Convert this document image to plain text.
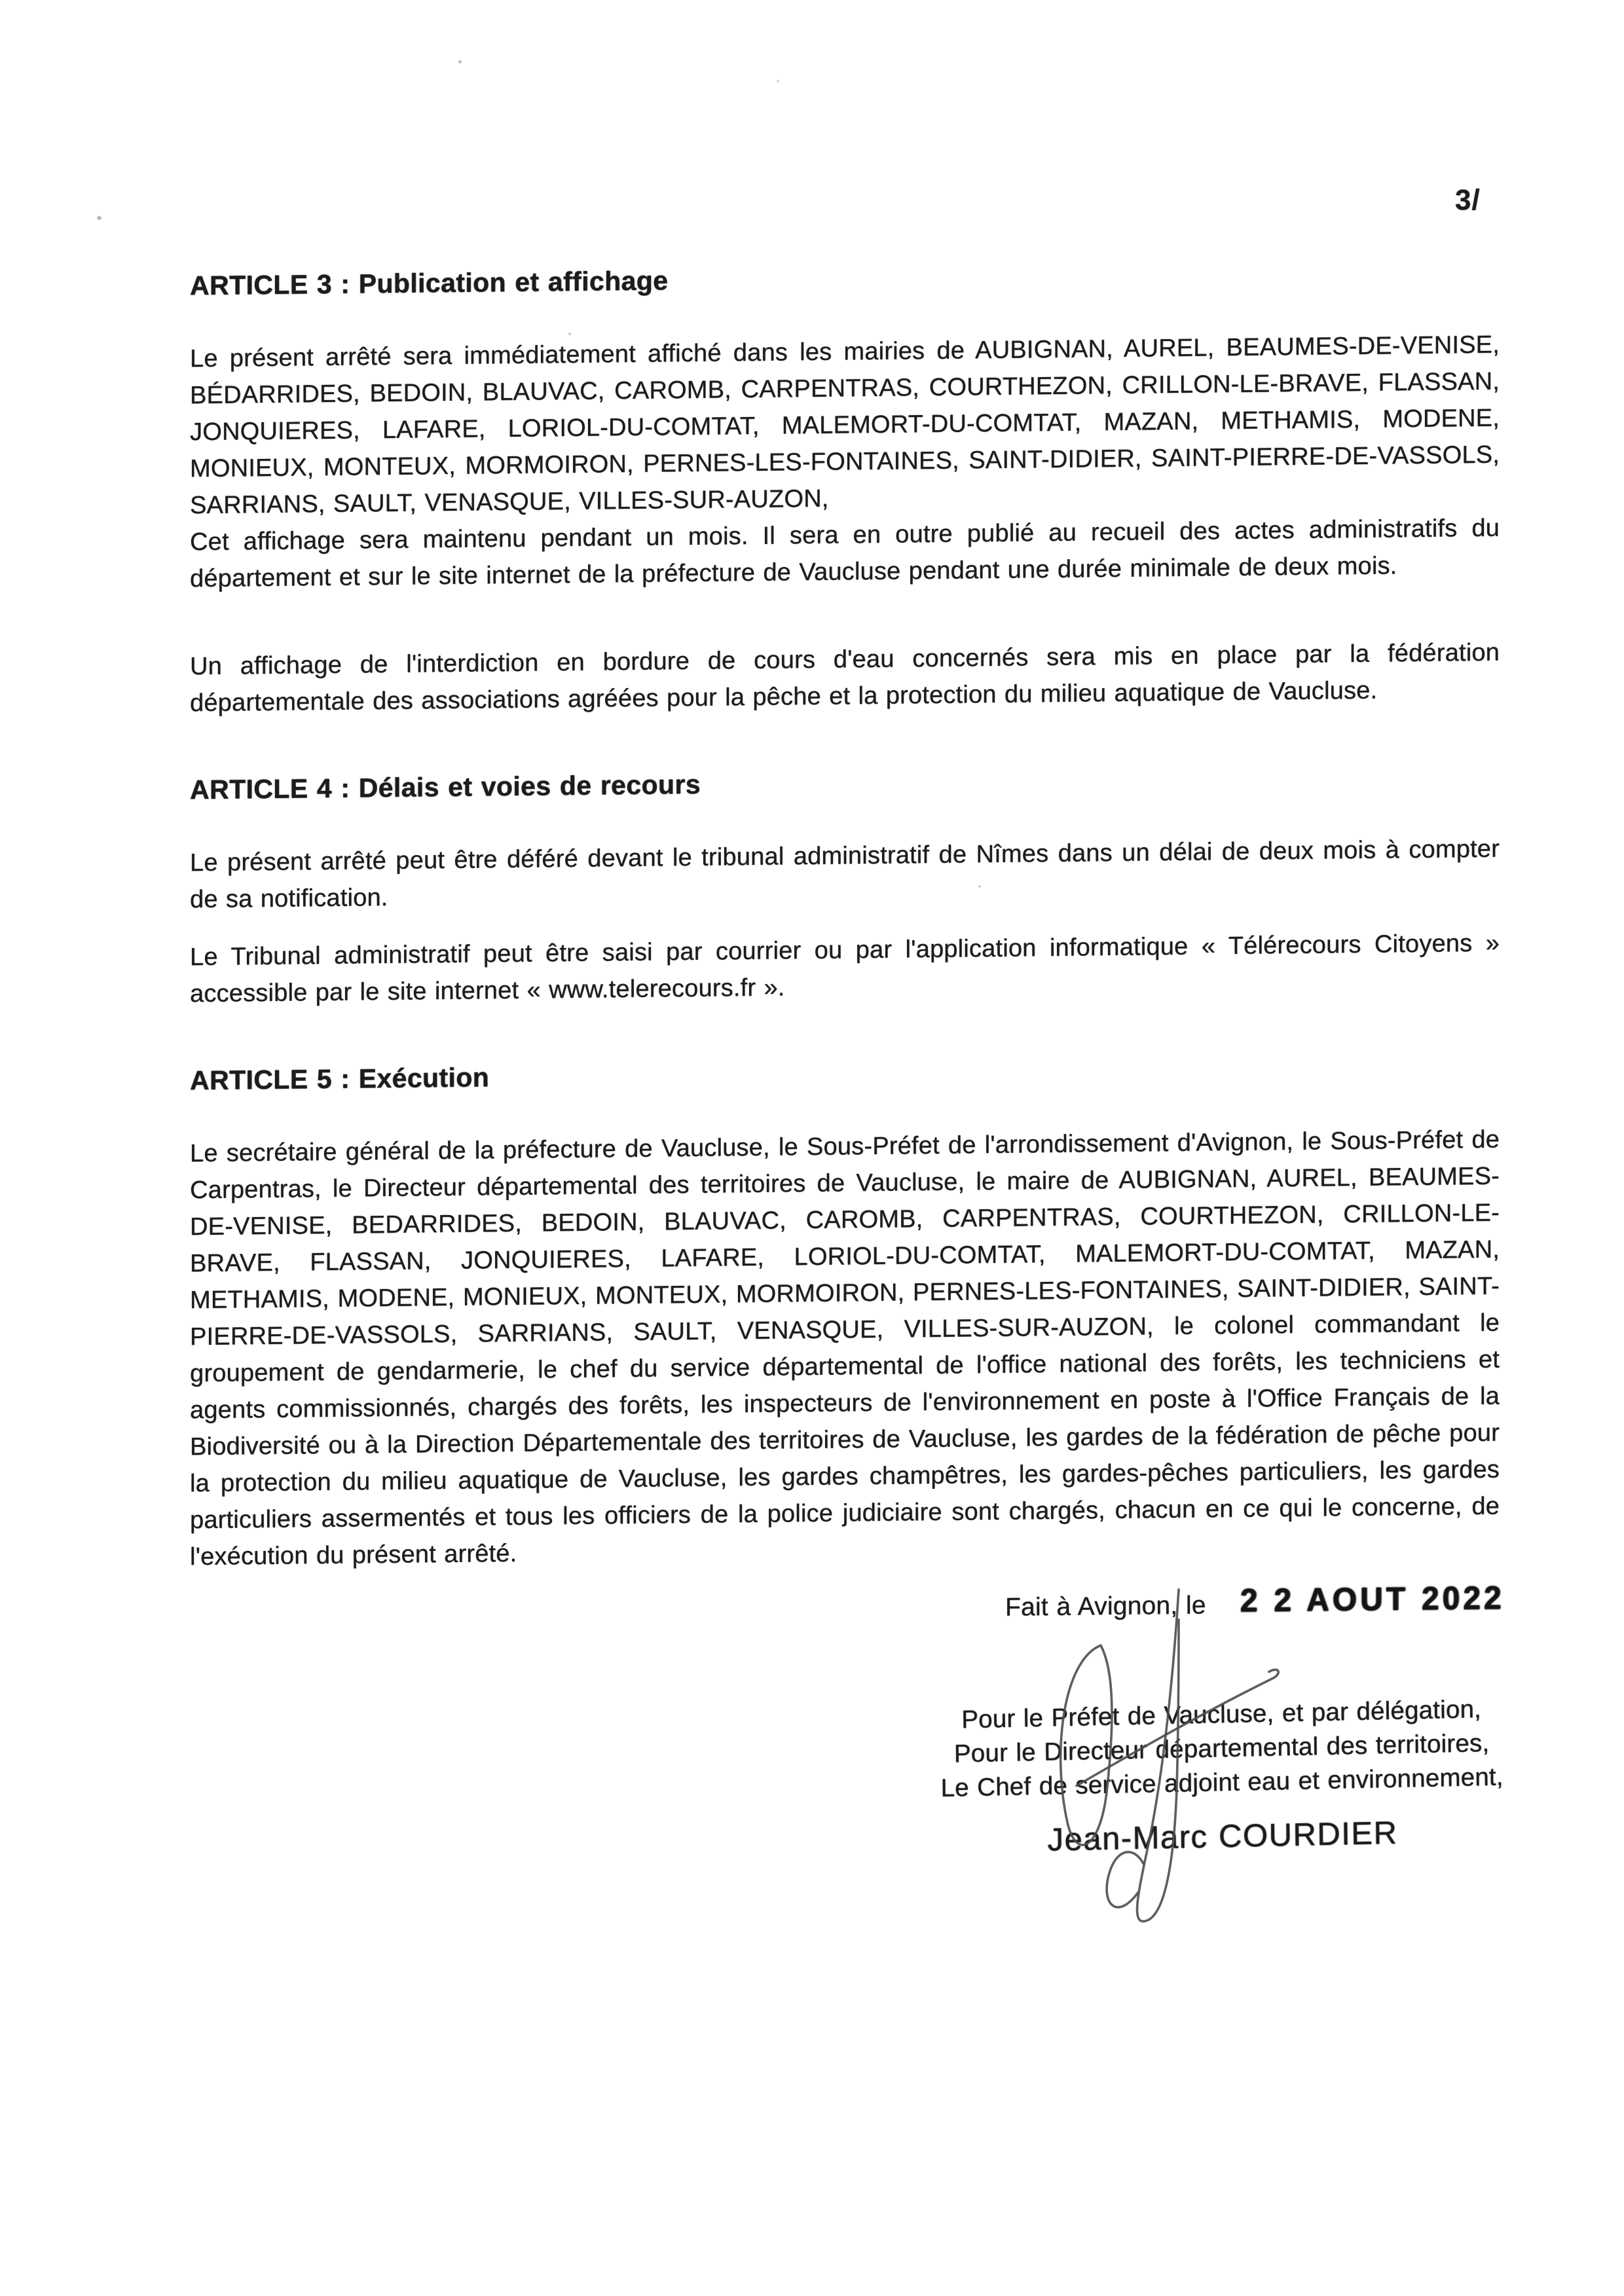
3/
ARTICLE 3 : Publication et affichage

Le présent arrêté sera immédiatement affiché dans les mairies de AUBIGNAN, AUREL, BEAUMES-DE-VENISE, BÉDARRIDES, BEDOIN, BLAUVAC, CAROMB, CARPENTRAS, COURTHEZON, CRILLON-LE-BRAVE, FLASSAN, JONQUIERES, LAFARE, LORIOL-DU-COMTAT, MALEMORT-DU-COMTAT, MAZAN, METHAMIS, MODENE, MONIEUX, MONTEUX, MORMOIRON, PERNES-LES-FONTAINES, SAINT-DIDIER, SAINT-PIERRE-DE-VASSOLS, SARRIANS, SAULT, VENASQUE, VILLES-SUR-AUZON,

Cet affichage sera maintenu pendant un mois. Il sera en outre publié au recueil des actes administratifs du département et sur le site internet de la préfecture de Vaucluse pendant une durée minimale de deux mois.

Un affichage de l'interdiction en bordure de cours d'eau concernés sera mis en place par la fédération départementale des associations agréées pour la pêche et la protection du milieu aquatique de Vaucluse.

ARTICLE 4 : Délais et voies de recours

Le présent arrêté peut être déféré devant le tribunal administratif de Nîmes dans un délai de deux mois à compter de sa notification.

Le Tribunal administratif peut être saisi par courrier ou par l'application informatique « Télérecours Citoyens » accessible par le site internet « www.telerecours.fr ».

ARTICLE 5 : Exécution

Le secrétaire général de la préfecture de Vaucluse, le Sous-Préfet de l'arrondissement d'Avignon, le Sous-Préfet de Carpentras, le Directeur départemental des territoires de Vaucluse, le maire de AUBIGNAN, AUREL, BEAUMES-DE-VENISE, BEDARRIDES, BEDOIN, BLAUVAC, CAROMB, CARPENTRAS, COURTHEZON, CRILLON-LE-BRAVE, FLASSAN, JONQUIERES, LAFARE, LORIOL-DU-COMTAT, MALEMORT-DU-COMTAT, MAZAN, METHAMIS, MODENE, MONIEUX, MONTEUX, MORMOIRON, PERNES-LES-FONTAINES, SAINT-DIDIER, SAINT-PIERRE-DE-VASSOLS, SARRIANS, SAULT, VENASQUE, VILLES-SUR-AUZON, le colonel commandant le groupement de gendarmerie, le chef du service départemental de l'office national des forêts, les techniciens et agents commissionnés, chargés des forêts, les inspecteurs de l'environnement en poste à l'Office Français de la Biodiversité ou à la Direction Départementale des territoires de Vaucluse, les gardes de la fédération de pêche pour la protection du milieu aquatique de Vaucluse, les gardes champêtres, les gardes-pêches particuliers, les gardes particuliers assermentés et tous les officiers de la police judiciaire sont chargés, chacun en ce qui le concerne, de l'exécution du présent arrêté.

Fait à Avignon, le 2 2 AOUT 2022
Pour le Préfet de Vaucluse, et par délégation,
Pour le Directeur départemental des territoires,
Le Chef de service adjoint eau et environnement,
Jean-Marc COURDIER
